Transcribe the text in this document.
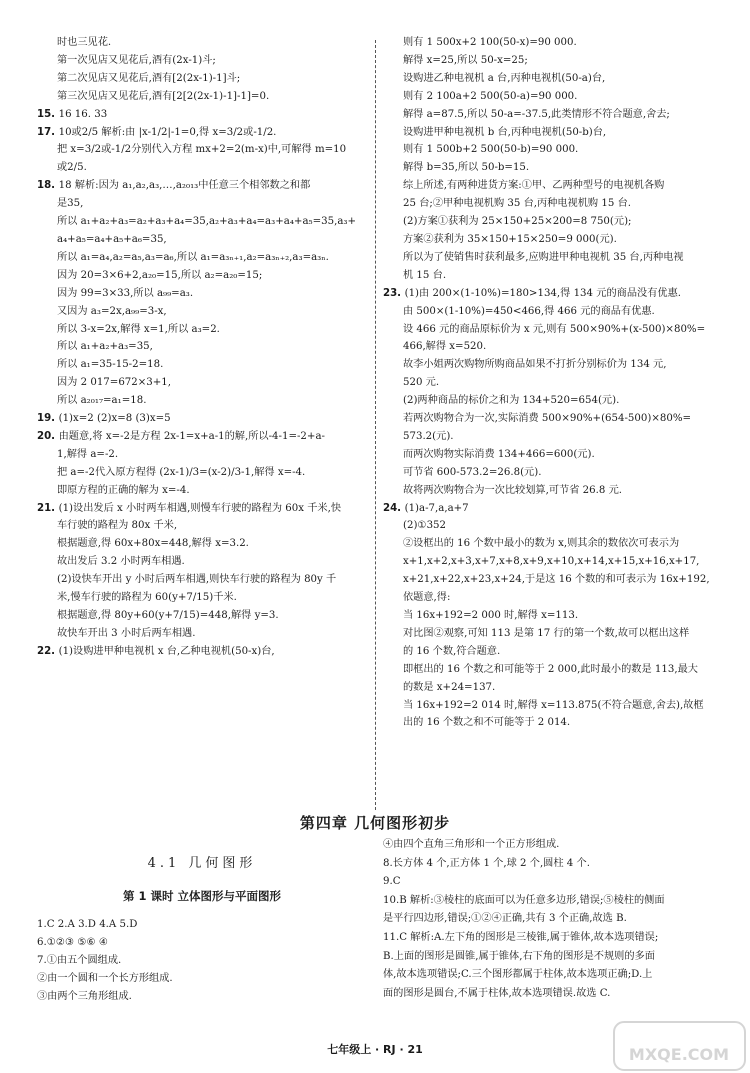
时也三见花.
第一次见店又见花后,酒有(2x-1)斗;
第二次见店又见花后,酒有[2(2x-1)-1]斗;
第三次见店又见花后,酒有[2[2(2x-1)-1]-1]=0.
15. 16 16. 33
17. 10或2/5 解析:由 |x-1/2|-1=0,得 x=3/2或-1/2.
把 x=3/2或-1/2分别代入方程 mx+2=2(m-x)中,可解得 m=10
或2/5.
18. 18 解析:因为 a₁,a₂,a₃,…,a₂₀₁₃中任意三个相邻数之和都
是35,
所以 a₁+a₂+a₃=a₂+a₃+a₄=35,a₂+a₃+a₄=a₃+a₄+a₅=35,a₃+
a₄+a₅=a₄+a₅+a₆=35,
所以 a₁=a₄,a₂=a₅,a₃=a₆,所以 a₁=a₃ₙ₊₁,a₂=a₃ₙ₊₂,a₃=a₃ₙ.
因为 20=3×6+2,a₂₀=15,所以 a₂=a₂₀=15;
因为 99=3×33,所以 a₉₉=a₃.
又因为 a₃=2x,a₉₉=3-x,
所以 3-x=2x,解得 x=1,所以 a₃=2.
所以 a₁+a₂+a₃=35,
所以 a₁=35-15-2=18.
因为 2 017=672×3+1,
所以 a₂₀₁₇=a₁=18.
19. (1)x=2 (2)x=8 (3)x=5
20. 由题意,将 x=-2是方程 2x-1=x+a-1的解,所以-4-1=-2+a-
1,解得 a=-2.
把 a=-2代入原方程得 (2x-1)/3=(x-2)/3-1,解得 x=-4.
即原方程的正确的解为 x=-4.
21. (1)设出发后 x 小时两车相遇,则慢车行驶的路程为 60x 千米,快
车行驶的路程为 80x 千米,
根据题意,得 60x+80x=448,解得 x=3.2.
故出发后 3.2 小时两车相遇.
(2)设快车开出 y 小时后两车相遇,则快车行驶的路程为 80y 千
米,慢车行驶的路程为 60(y+7/15)千米.
根据题意,得 80y+60(y+7/15)=448,解得 y=3.
故快车开出 3 小时后两车相遇.
22. (1)设购进甲种电视机 x 台,乙种电视机(50-x)台,
则有 1 500x+2 100(50-x)=90 000.
解得 x=25,所以 50-x=25;
设购进乙种电视机 a 台,丙种电视机(50-a)台,
则有 2 100a+2 500(50-a)=90 000.
解得 a=87.5,所以 50-a=-37.5,此类情形不符合题意,舍去;
设购进甲种电视机 b 台,丙种电视机(50-b)台,
则有 1 500b+2 500(50-b)=90 000.
解得 b=35,所以 50-b=15.
综上所述,有两种进货方案:①甲、乙两种型号的电视机各购
25 台;②甲种电视机购 35 台,丙种电视机购 15 台.
(2)方案①获利为 25×150+25×200=8 750(元);
方案②获利为 35×150+15×250=9 000(元).
所以为了使销售时获利最多,应购进甲种电视机 35 台,丙种电视
机 15 台.
23. (1)由 200×(1-10%)=180>134,得 134 元的商品没有优惠.
由 500×(1-10%)=450<466,得 466 元的商品有优惠.
设 466 元的商品原标价为 x 元,则有 500×90%+(x-500)×80%=
466,解得 x=520.
故李小姐两次购物所购商品如果不打折分别标价为 134 元,
520 元.
(2)两种商品的标价之和为 134+520=654(元).
若两次购物合为一次,实际消费 500×90%+(654-500)×80%=
573.2(元).
而两次购物实际消费 134+466=600(元).
可节省 600-573.2=26.8(元).
故将两次购物合为一次比较划算,可节省 26.8 元.
24. (1)a-7,a,a+7
(2)①352
②设框出的 16 个数中最小的数为 x,则其余的数依次可表示为
x+1,x+2,x+3,x+7,x+8,x+9,x+10,x+14,x+15,x+16,x+17,
x+21,x+22,x+23,x+24,于是这 16 个数的和可表示为 16x+192,
依题意,得:
当 16x+192=2 000 时,解得 x=113.
对比图②观察,可知 113 是第 17 行的第一个数,故可以框出这样
的 16 个数,符合题意.
即框出的 16 个数之和可能等于 2 000,此时最小的数是 113,最大
的数是 x+24=137.
当 16x+192=2 014 时,解得 x=113.875(不符合题意,舍去),故框
出的 16 个数之和不可能等于 2 014.
第四章 几何图形初步
4.1 几何图形
第 1 课时 立体图形与平面图形
1.C 2.A 3.D 4.A 5.D
6.①②③ ⑤⑥ ④
7.①由五个圆组成.
②由一个圆和一个长方形组成.
③由两个三角形组成.
④由四个直角三角形和一个正方形组成.
8.长方体 4 个,正方体 1 个,球 2 个,圆柱 4 个.
9.C
10.B 解析:③棱柱的底面可以为任意多边形,错误;⑤棱柱的侧面
是平行四边形,错误;①②④正确,共有 3 个正确,故选 B.
11.C 解析:A.左下角的图形是三棱锥,属于锥体,故本选项错误;
B.上面的图形是圆锥,属于锥体,右下角的图形是不规则的多面
体,故本选项错误;C.三个图形都属于柱体,故本选项正确;D.上
面的图形是圆台,不属于柱体,故本选项错误.故选 C.
七年级上 · RJ · 21	MXQE.COM
